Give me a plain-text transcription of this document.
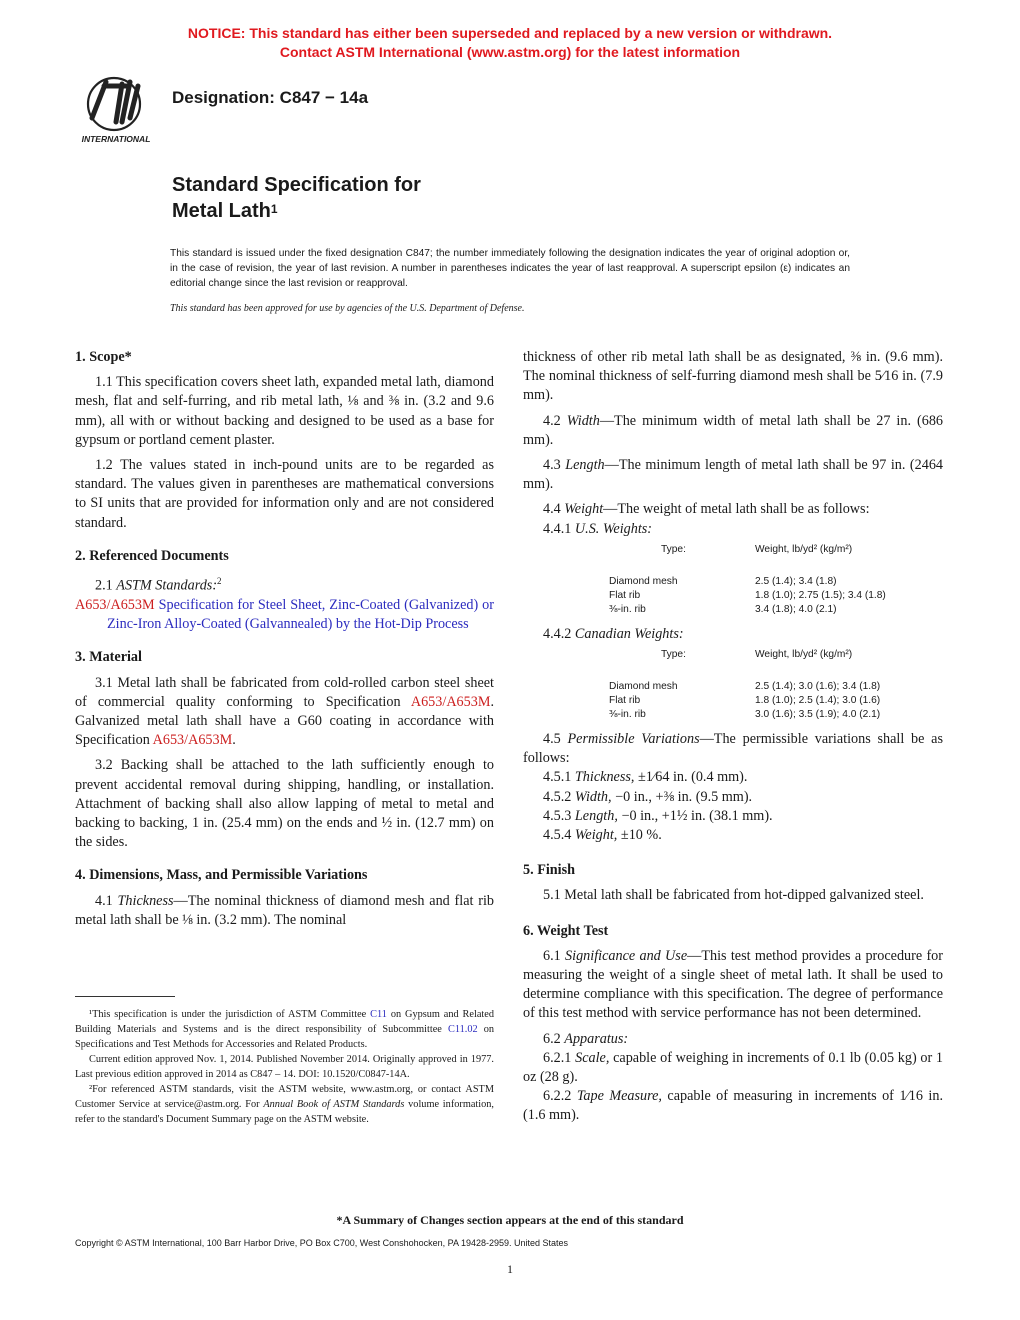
NOTICE: This standard has either been superseded and replaced by a new version or withdrawn.
Contact ASTM International (www.astm.org) for the latest information
INTERNATIONAL
Designation: C847 − 14a
Standard Specification for
Metal Lath$^1$
This standard is issued under the fixed designation C847; the number immediately following the designation indicates the year of original adoption or, in the case of revision, the year of last revision. A number in parentheses indicates the year of last reapproval. A superscript epsilon (ε) indicates an editorial change since the last revision or reapproval.
This standard has been approved for use by agencies of the U.S. Department of Defense.

1. Scope*

1.1 This specification covers sheet lath, expanded metal lath, diamond mesh, flat and self-furring, and rib metal lath, ⅛ and ⅜ in. (3.2 and 9.6 mm), all with or without backing and designed to be used as a base for gypsum or portland cement plaster.

1.2 The values stated in inch-pound units are to be regarded as standard. The values given in parentheses are mathematical conversions to SI units that are provided for information only and are not considered standard.

2. Referenced Documents

2.1 ASTM Standards:$^2$

A653/A653M Specification for Steel Sheet, Zinc-Coated (Galvanized) or Zinc-Iron Alloy-Coated (Galvannealed) by the Hot-Dip Process

3. Material

3.1 Metal lath shall be fabricated from cold-rolled carbon steel sheet of commercial quality conforming to Specification A653/A653M. Galvanized metal lath shall have a G60 coating in accordance with Specification A653/A653M.

3.2 Backing shall be attached to the lath sufficiently enough to prevent accidental removal during shipping, handling, or installation. Attachment of backing shall also allow lapping of metal to metal and backing to backing, 1 in. (25.4 mm) on the ends and ½ in. (12.7 mm) on the sides.

4. Dimensions, Mass, and Permissible Variations

4.1 Thickness—The nominal thickness of diamond mesh and flat rib metal lath shall be ⅛ in. (3.2 mm). The nominal

¹This specification is under the jurisdiction of ASTM Committee C11 on Gypsum and Related Building Materials and Systems and is the direct responsibility of Subcommittee C11.02 on Specifications and Test Methods for Accessories and Related Products.

Current edition approved Nov. 1, 2014. Published November 2014. Originally approved in 1977. Last previous edition approved in 2014 as C847 – 14. DOI: 10.1520/C0847-14A.

²For referenced ASTM standards, visit the ASTM website, www.astm.org, or contact ASTM Customer Service at service@astm.org. For Annual Book of ASTM Standards volume information, refer to the standard's Document Summary page on the ASTM website.

thickness of other rib metal lath shall be as designated, ⅜ in. (9.6 mm). The nominal thickness of self-furring diamond mesh shall be 5⁄16 in. (7.9 mm).

4.2 Width—The minimum width of metal lath shall be 27 in. (686 mm).

4.3 Length—The minimum length of metal lath shall be 97 in. (2464 mm).

4.4 Weight—The weight of metal lath shall be as follows:

4.4.1 U.S. Weights:

Type:	Weight, lb/yd² (kg/m²)
Diamond mesh	2.5 (1.4); 3.4 (1.8)
Flat rib	1.8 (1.0); 2.75 (1.5); 3.4 (1.8)
⅜-in. rib	3.4 (1.8); 4.0 (2.1)

4.4.2 Canadian Weights:

Type:	Weight, lb/yd² (kg/m²)
Diamond mesh	2.5 (1.4); 3.0 (1.6); 3.4 (1.8)
Flat rib	1.8 (1.0); 2.5 (1.4); 3.0 (1.6)
⅜-in. rib	3.0 (1.6); 3.5 (1.9); 4.0 (2.1)

4.5 Permissible Variations—The permissible variations shall be as follows:

4.5.1 Thickness, ±1⁄64 in. (0.4 mm).

4.5.2 Width, −0 in., +⅜ in. (9.5 mm).

4.5.3 Length, −0 in., +1½ in. (38.1 mm).

4.5.4 Weight, ±10 %.

5. Finish

5.1 Metal lath shall be fabricated from hot-dipped galvanized steel.

6. Weight Test

6.1 Significance and Use—This test method provides a procedure for measuring the weight of a single sheet of metal lath. It shall be used to determine compliance with this specification. The degree of performance of this test method with service performance has not been determined.

6.2 Apparatus:

6.2.1 Scale, capable of weighing in increments of 0.1 lb (0.05 kg) or 1 oz (28 g).

6.2.2 Tape Measure, capable of measuring in increments of 1⁄16 in. (1.6 mm).

*A Summary of Changes section appears at the end of this standard
Copyright © ASTM International, 100 Barr Harbor Drive, PO Box C700, West Conshohocken, PA 19428-2959. United States
1
